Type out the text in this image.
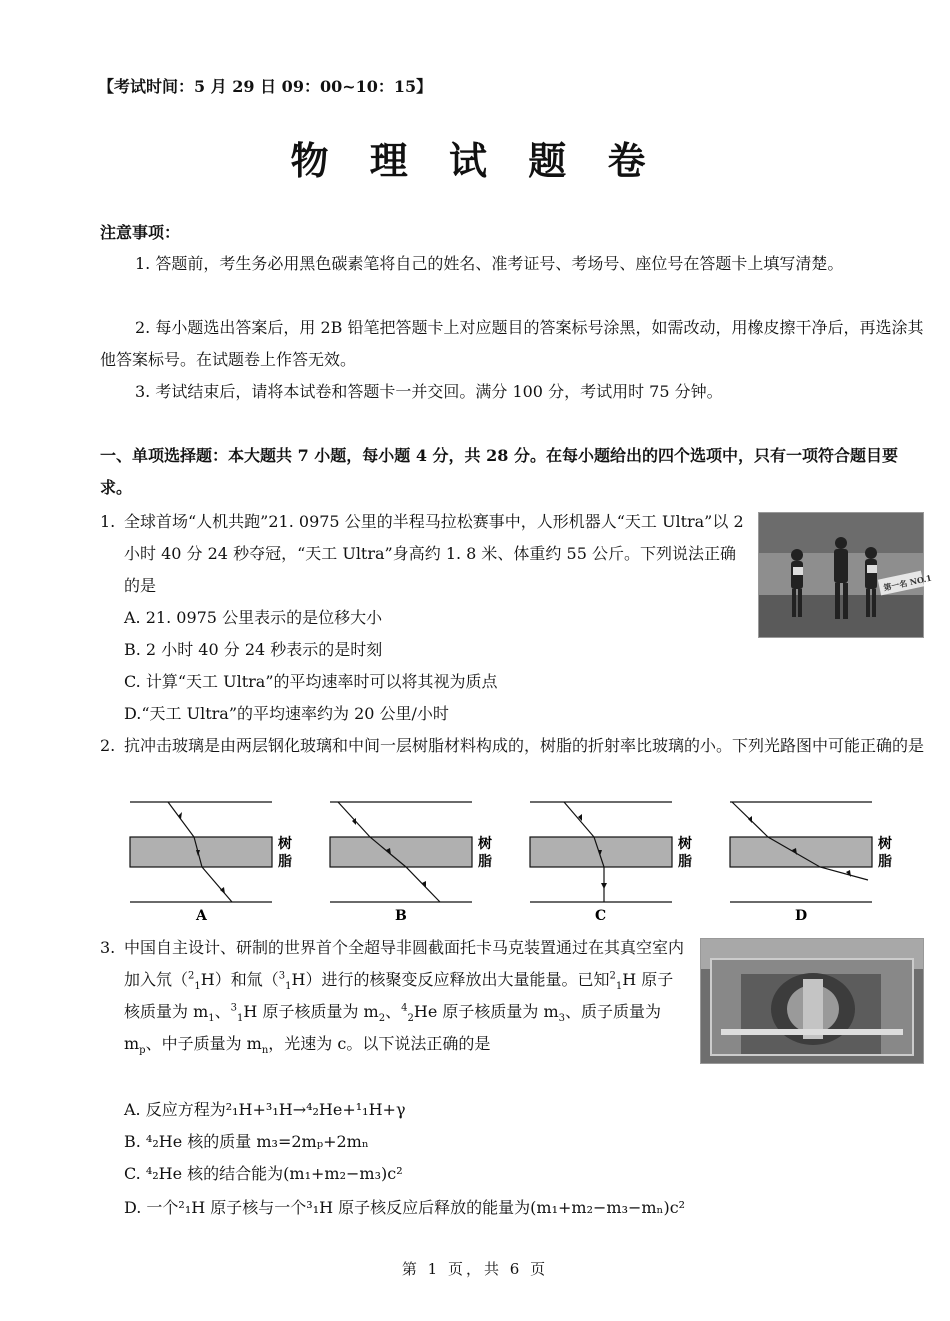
【考试时间：5 月 29 日 09：00~10：15】
物 理 试 题 卷
注意事项：
1. 答题前，考生务必用黑色碳素笔将自己的姓名、准考证号、考场号、座位号在答题卡上填写清楚。
2. 每小题选出答案后，用 2B 铅笔把答题卡上对应题目的答案标号涂黑，如需改动，用橡皮擦干净后，再选涂其他答案标号。在试题卷上作答无效。
3. 考试结束后，请将本试卷和答题卡一并交回。满分 100 分，考试用时 75 分钟。
一、单项选择题：本大题共 7 小题，每小题 4 分，共 28 分。在每小题给出的四个选项中，只有一项符合题目要求。
1. 全球首场“人机共跑”21. 0975 公里的半程马拉松赛事中，人形机器人“天工 Ultra”以 2 小时 40 分 24 秒夺冠，“天工 Ultra”身高约 1. 8 米、体重约 55 公斤。下列说法正确的是	第一名 NO.1
A. 21. 0975 公里表示的是位移大小
B. 2 小时 40 分 24 秒表示的是时刻
C. 计算“天工 Ultra”的平均速率时可以将其视为质点
D.“天工 Ultra”的平均速率约为 20 公里/小时
2. 抗冲击玻璃是由两层钢化玻璃和中间一层树脂材料构成的，树脂的折射率比玻璃的小。下列光路图中可能正确的是
树
脂
A
树
脂
B
树
脂
C
树
脂
D
3. 中国自主设计、研制的世界首个全超导非圆截面托卡马克装置通过在其真空室内加入氘（$^2_1$H）和氚（$^3_1$H）进行的核聚变反应释放出大量能量。已知$^2_1$H 原子核质量为 $m_1$、$^3_1$H 原子核质量为 $m_2$、$^4_2$He 原子核质量为 $m_3$、质子质量为 $m_p$、中子质量为 $m_n$，光速为 c。以下说法正确的是
A. 反应方程为²₁H+³₁H→⁴₂He+¹₁H+γ
B. ⁴₂He 核的质量 m₃=2mₚ+2mₙ
C. ⁴₂He 核的结合能为(m₁+m₂−m₃)c²
D. 一个²₁H 原子核与一个³₁H 原子核反应后释放的能量为(m₁+m₂−m₃−mₙ)c²
第 1 页，共 6 页
